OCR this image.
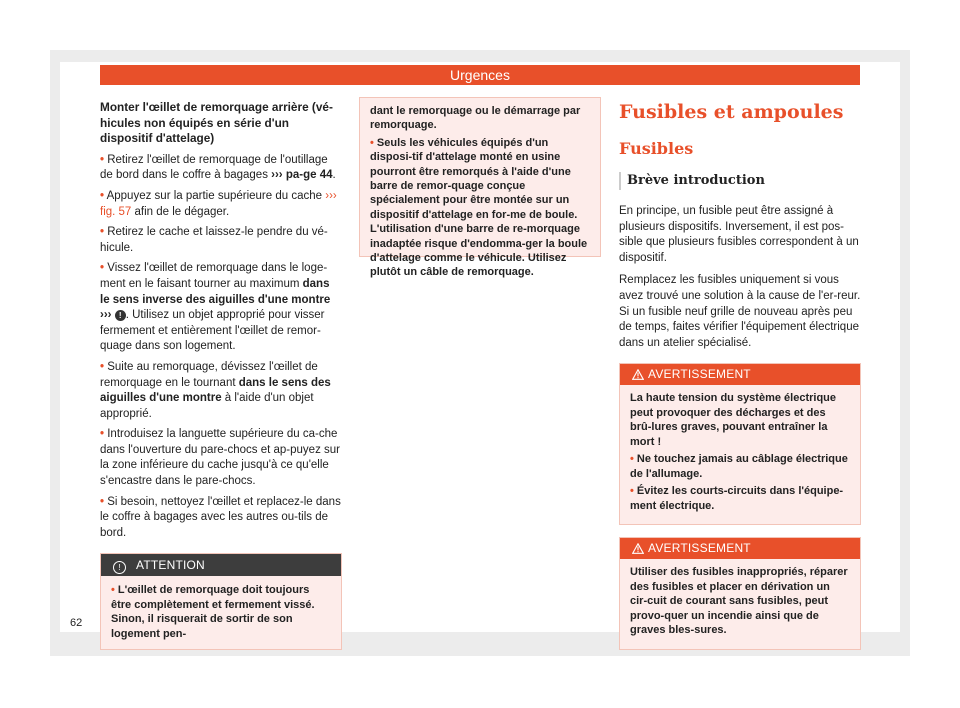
Urgences
Monter l'œillet de remorquage arrière (vé-hicules non équipés en série d'un dispositif d'attelage)

• Retirez l'œillet de remorquage de l'outillage de bord dans le coffre à bagages ››› pa-ge 44.

• Appuyez sur la partie supérieure du cache ››› fig. 57 afin de le dégager.

• Retirez le cache et laissez-le pendre du vé-hicule.

• Vissez l'œillet de remorquage dans le loge-ment en le faisant tourner au maximum dans le sens inverse des aiguilles d'une montre ››› ! . Utilisez un objet approprié pour visser fermement et entièrement l'œillet de remor-quage dans son logement.

• Suite au remorquage, dévissez l'œillet de remorquage en le tournant dans le sens des aiguilles d'une montre à l'aide d'un objet approprié.

• Introduisez la languette supérieure du ca-che dans l'ouverture du pare-chocs et ap-puyez sur la zone inférieure du cache jusqu'à ce qu'elle s'encastre dans le pare-chocs.

• Si besoin, nettoyez l'œillet et replacez-le dans le coffre à bagages avec les autres ou-tils de bord.

! ATTENTION
• L'œillet de remorquage doit toujours être complètement et fermement vissé. Sinon, il risquerait de sortir de son logement pen-

dant le remorquage ou le démarrage par remorquage.

• Seuls les véhicules équipés d'un disposi-tif d'attelage monté en usine pourront être remorqués à l'aide d'une barre de remor-quage conçue spécialement pour être montée sur un dispositif d'attelage en for-me de boule. L'utilisation d'une barre de re-morquage inadaptée risque d'endomma-ger la boule d'attelage comme le véhicule. Utilisez plutôt un câble de remorquage.

Fusibles et ampoules
Fusibles
Brève introduction

En principe, un fusible peut être assigné à plusieurs dispositifs. Inversement, il est pos-sible que plusieurs fusibles correspondent à un dispositif.

Remplacez les fusibles uniquement si vous avez trouvé une solution à la cause de l'er-reur. Si un fusible neuf grille de nouveau après peu de temps, faites vérifier l'équipement électrique dans un atelier spécialisé.

AVERTISSEMENT

La haute tension du système électrique peut provoquer des décharges et des brû-lures graves, pouvant entraîner la mort !

• Ne touchez jamais au câblage électrique de l'allumage.

• Évitez les courts-circuits dans l'équipe-ment électrique.

AVERTISSEMENT

Utiliser des fusibles inappropriés, réparer des fusibles et placer en dérivation un cir-cuit de courant sans fusibles, peut provo-quer un incendie ainsi que de graves bles-sures.

62
